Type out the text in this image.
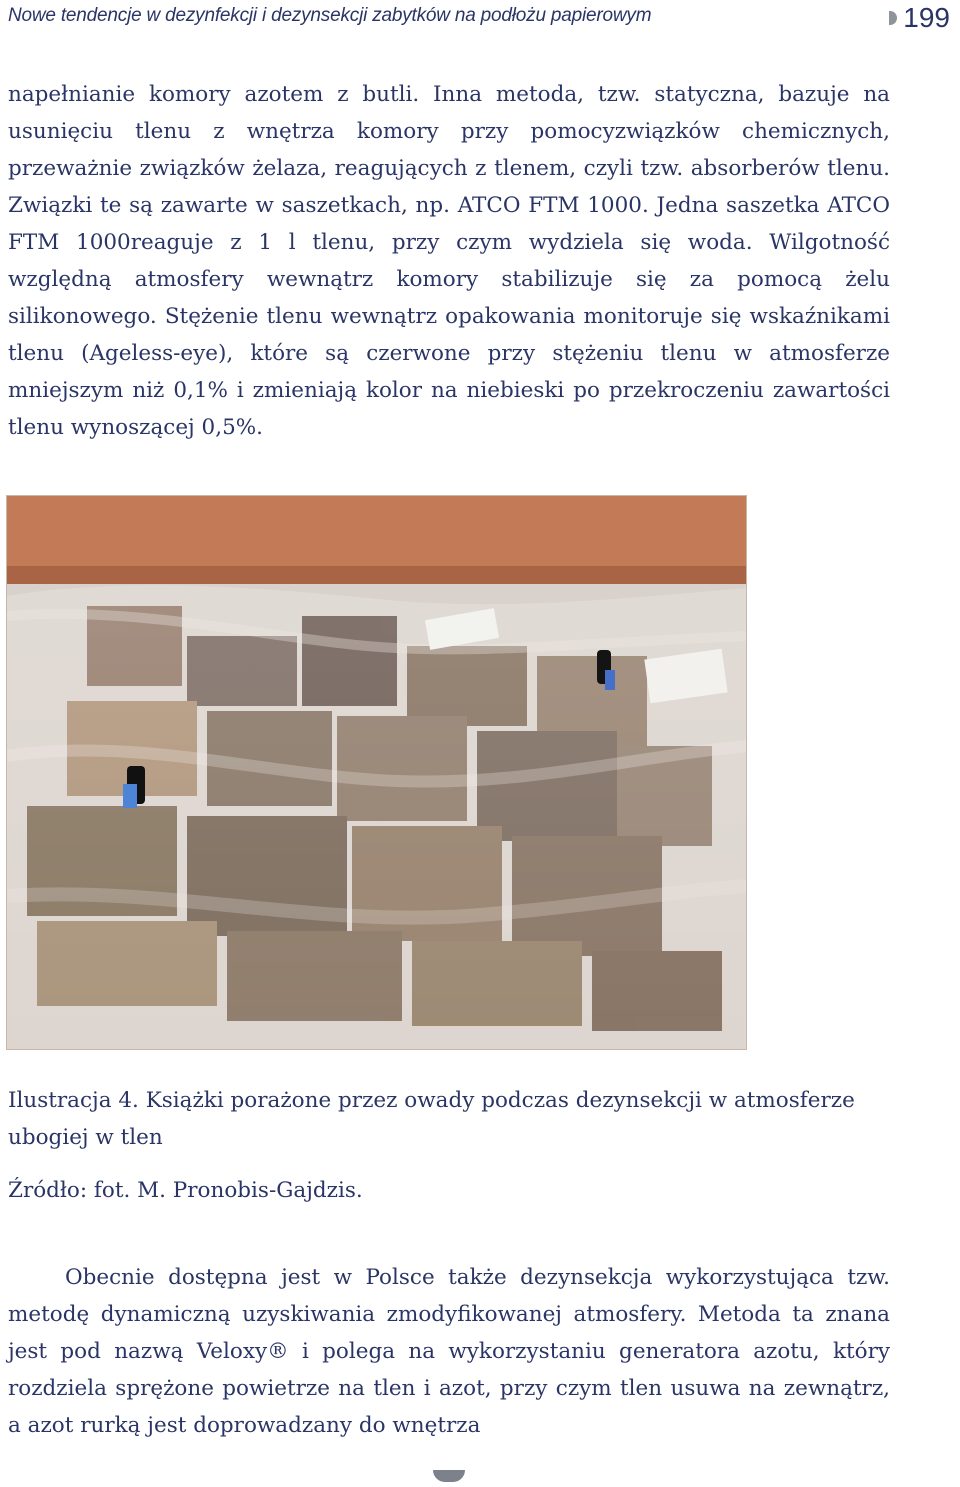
Nowe tendencje w dezynfekcji i dezynsekcji zabytków na podłożu papierowym	199

napełnianie komory azotem z butli. Inna metoda, tzw. statyczna, bazuje na usunięciu tlenu z wnętrza komory przy pomocyzwiązków chemicznych, przeważnie związków żelaza, reagujących z tlenem, czyli tzw. absorberów tlenu. Związki te są zawarte w saszetkach, np. ATCO FTM 1000. Jedna saszetka ATCO FTM 1000reaguje z 1 l tlenu, przy czym wydziela się woda. Wilgotność względną atmosfery wewnątrz komory stabilizuje się za pomocą żelu silikonowego. Stężenie tlenu wewnątrz opakowania monitoruje się wskaźnikami tlenu (Ageless-eye), które są czerwone przy stężeniu tlenu w atmosferze mniejszym niż 0,1% i zmieniają kolor na niebieski po przekroczeniu zawartości tlenu wynoszącej 0,5%.

Ilustracja 4. Książki porażone przez owady podczas dezynsekcji w atmosferze ubogiej w tlen

Źródło: fot. M. Pronobis-Gajdzis.

Obecnie dostępna jest w Polsce także dezynsekcja wykorzystująca tzw. metodę dynamiczną uzyskiwania zmodyfikowanej atmosfery. Metoda ta znana jest pod nazwą Veloxy® i polega na wykorzystaniu generatora azotu, który rozdziela sprężone powietrze na tlen i azot, przy czym tlen usuwa na zewnątrz, a azot rurką jest doprowadzany do wnętrza
